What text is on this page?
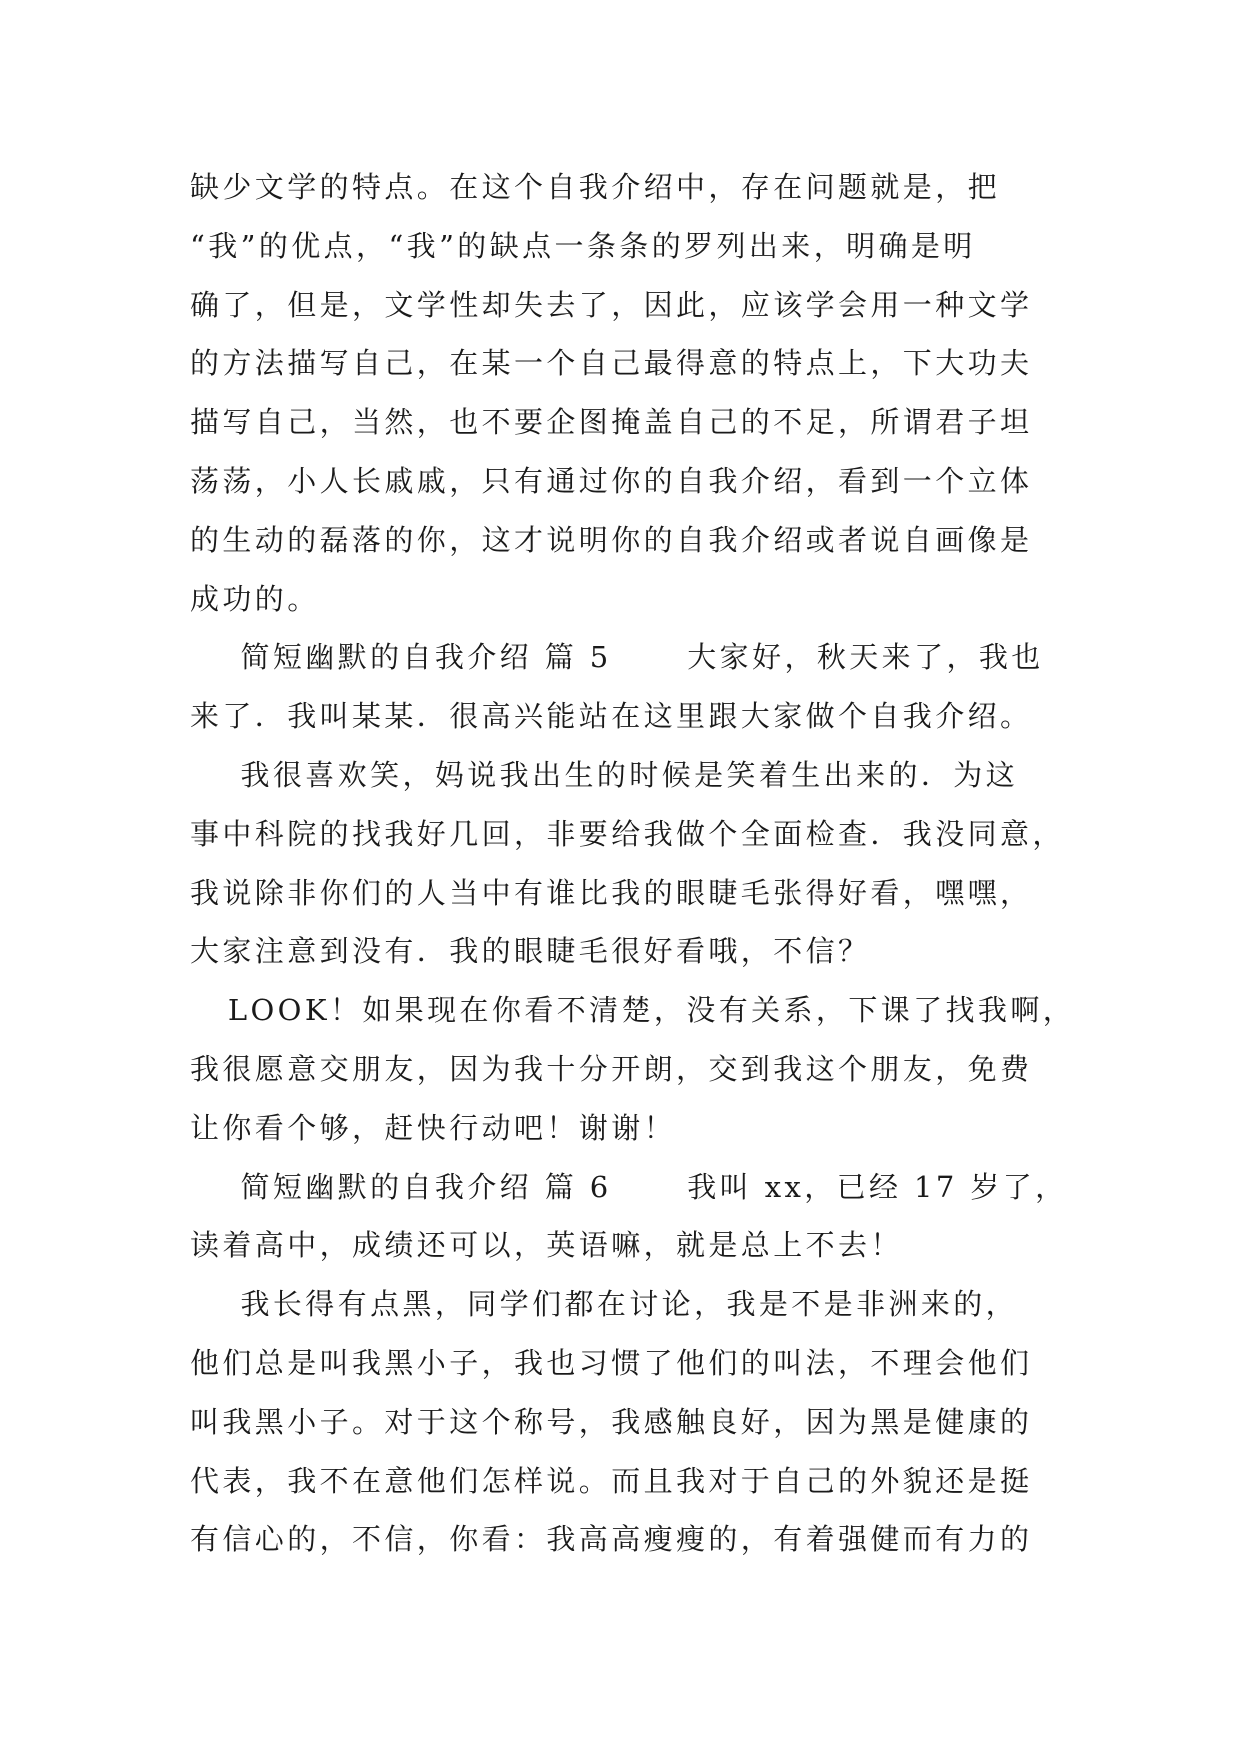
缺少文学的特点。在这个自我介绍中，存在问题就是，把
“我”的优点，“我”的缺点一条条的罗列出来，明确是明
确了，但是，文学性却失去了，因此，应该学会用一种文学
的方法描写自己，在某一个自己最得意的特点上，下大功夫
描写自己，当然，也不要企图掩盖自己的不足，所谓君子坦
荡荡，小人长戚戚，只有通过你的自我介绍，看到一个立体
的生动的磊落的你，这才说明你的自我介绍或者说自画像是
成功的。
简短幽默的自我介绍 篇 5      大家好，秋天来了，我也
来了．我叫某某．很高兴能站在这里跟大家做个自我介绍。
我很喜欢笑，妈说我出生的时候是笑着生出来的．为这
事中科院的找我好几回，非要给我做个全面检查．我没同意，
我说除非你们的人当中有谁比我的眼睫毛张得好看，嘿嘿，
大家注意到没有．我的眼睫毛很好看哦，不信？
LOOK！如果现在你看不清楚，没有关系，下课了找我啊，
我很愿意交朋友，因为我十分开朗，交到我这个朋友，免费
让你看个够，赶快行动吧！谢谢！
简短幽默的自我介绍 篇 6      我叫 xx，已经 17 岁了，
读着高中，成绩还可以，英语嘛，就是总上不去！
我长得有点黑，同学们都在讨论，我是不是非洲来的，
他们总是叫我黑小子，我也习惯了他们的叫法，不理会他们
叫我黑小子。对于这个称号，我感触良好，因为黑是健康的
代表，我不在意他们怎样说。而且我对于自己的外貌还是挺
有信心的，不信，你看：我高高瘦瘦的，有着强健而有力的
